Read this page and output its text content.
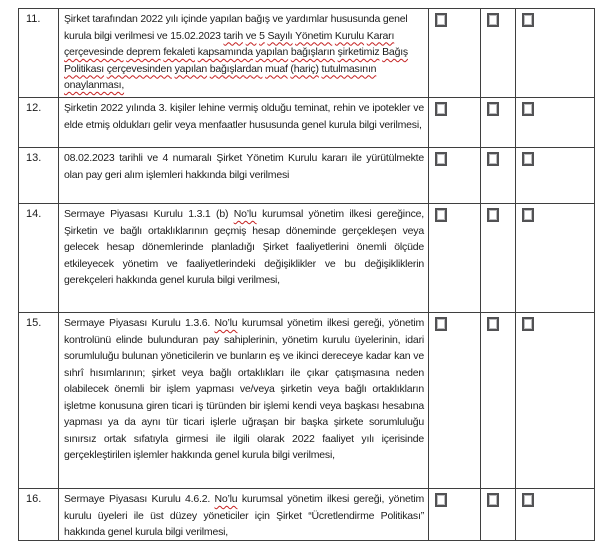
11.	Şirket tarafından 2022 yılı içinde yapılan bağış ve yardımlar hususunda genel kurula bilgi verilmesi ve 15.02.2023 tarih ve 5 Sayılı Yönetim Kurulu Kararı çerçevesinde deprem fekaleti kapsamında yapılan bağışların şirketimiz Bağış Politikası çerçevesinden yapılan bağışlardan muaf (hariç) tutulmasının onaylanması,
12.	Şirketin 2022 yılında 3. kişiler lehine vermiş olduğu teminat, rehin ve ipotekler ve elde etmiş oldukları gelir veya menfaatler hususunda genel kurula bilgi verilmesi,
13.	08.02.2023 tarihli ve 4 numaralı Şirket Yönetim Kurulu kararı ile yürütülmekte olan pay geri alım işlemleri hakkında bilgi verilmesi
14.	Sermaye Piyasası Kurulu 1.3.1 (b) No’lu kurumsal yönetim ilkesi gereğince, Şirketin ve bağlı ortaklıklarının geçmiş hesap döneminde gerçekleşen veya gelecek hesap dönemlerinde planladığı Şirket faaliyetlerini önemli ölçüde etkileyecek yönetim ve faaliyetlerindeki değişiklikler ve bu değişikliklerin gerekçeleri hakkında genel kurula bilgi verilmesi,
15.	Sermaye Piyasası Kurulu 1.3.6. No’lu kurumsal yönetim ilkesi gereği, yönetim kontrolünü elinde bulunduran pay sahiplerinin, yönetim kurulu üyelerinin, idari sorumluluğu bulunan yöneticilerin ve bunların eş ve ikinci dereceye kadar kan ve sıhrî hısımlarının; şirket veya bağlı ortaklıkları ile çıkar çatışmasına neden olabilecek önemli bir işlem yapması ve/veya şirketin veya bağlı ortaklıkların işletme konusuna giren ticari iş türünden bir işlemi kendi veya başkası hesabına yapması ya da aynı tür ticari işlerle uğraşan bir başka şirkete sorumluluğu sınırsız ortak sıfatıyla girmesi ile ilgili olarak 2022 faaliyet yılı içerisinde gerçekleştirilen işlemler hakkında genel kurula bilgi verilmesi,
16.	Sermaye Piyasası Kurulu 4.6.2. No’lu kurumsal yönetim ilkesi gereği, yönetim kurulu üyeleri ile üst düzey yöneticiler için Şirket “Ücretlendirme Politikası” hakkında genel kurula bilgi verilmesi,
